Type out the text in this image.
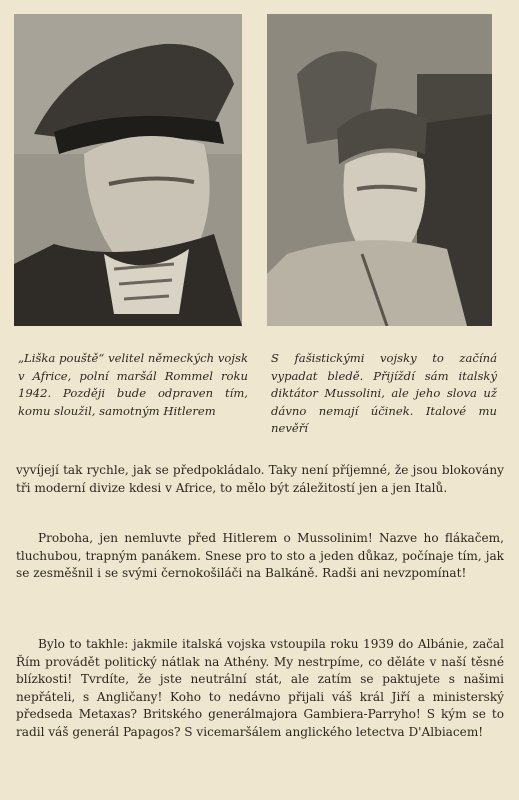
„Liška pouště“ velitel německých vojsk v Africe, polní maršál Rommel roku 1942. Později bude odpraven tím, komu sloužil, samotným Hitlerem
S fašistickými vojsky to začíná vypadat bledě. Přijíždí sám italský diktátor Mussolini, ale jeho slova už dávno nemají účinek. Italové mu nevěří

vyvíjejí tak rychle, jak se předpokládalo. Taky není příjemné, že jsou blokovány tři moderní divize kdesi v Africe, to mělo být záležitostí jen a jen Italů.

Proboha, jen nemluvte před Hitlerem o Mussolinim! Nazve ho flákačem, tluchubou, trapným panákem. Snese pro to sto a jeden důkaz, počínaje tím, jak se zesměšnil i se svými černokošiláči na Balkáně. Radši ani nevzpomínat!

Bylo to takhle: jakmile italská vojska vstoupila roku 1939 do Albánie, začal Řím provádět politický nátlak na Athény. My nestrpíme, co děláte v naší těsné blízkosti! Tvrdíte, že jste neutrální stát, ale zatím se paktujete s našimi nepřáteli, s Angličany! Koho to nedávno přijali váš král Jiří a ministerský předseda Metaxas? Britského generálmajora Gambiera-Parryho! S kým se to radil váš generál Papagos? S vicemaršálem anglického letectva D'Albiacem!
